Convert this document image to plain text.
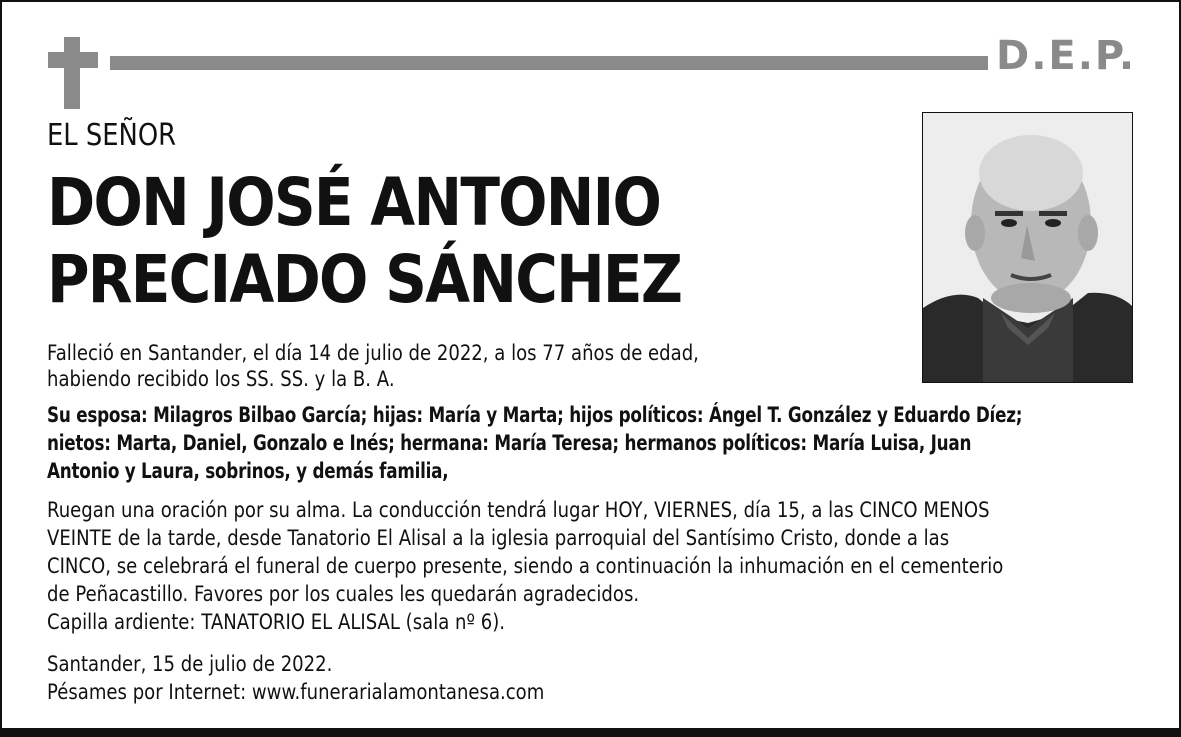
D.E.P.
EL SEÑOR
DON JOSÉ ANTONIO
PRECIADO SÁNCHEZ
Falleció en Santander, el día 14 de julio de 2022, a los 77 años de edad,
habiendo recibido los SS. SS. y la B. A.
Su esposa: Milagros Bilbao García; hijas: María y Marta; hijos políticos: Ángel T. González y Eduardo Díez;
nietos: Marta, Daniel, Gonzalo e Inés; hermana: María Teresa; hermanos políticos: María Luisa, Juan
Antonio y Laura, sobrinos, y demás familia,
Ruegan una oración por su alma. La conducción tendrá lugar HOY, VIERNES, día 15, a las CINCO MENOS
VEINTE de la tarde, desde Tanatorio El Alisal a la iglesia parroquial del Santísimo Cristo, donde a las
CINCO, se celebrará el funeral de cuerpo presente, siendo a continuación la inhumación en el cementerio
de Peñacastillo. Favores por los cuales les quedarán agradecidos.
Capilla ardiente: TANATORIO EL ALISAL (sala nº 6).
Santander, 15 de julio de 2022.
Pésames por Internet: www.funerarialamontanesa.com
